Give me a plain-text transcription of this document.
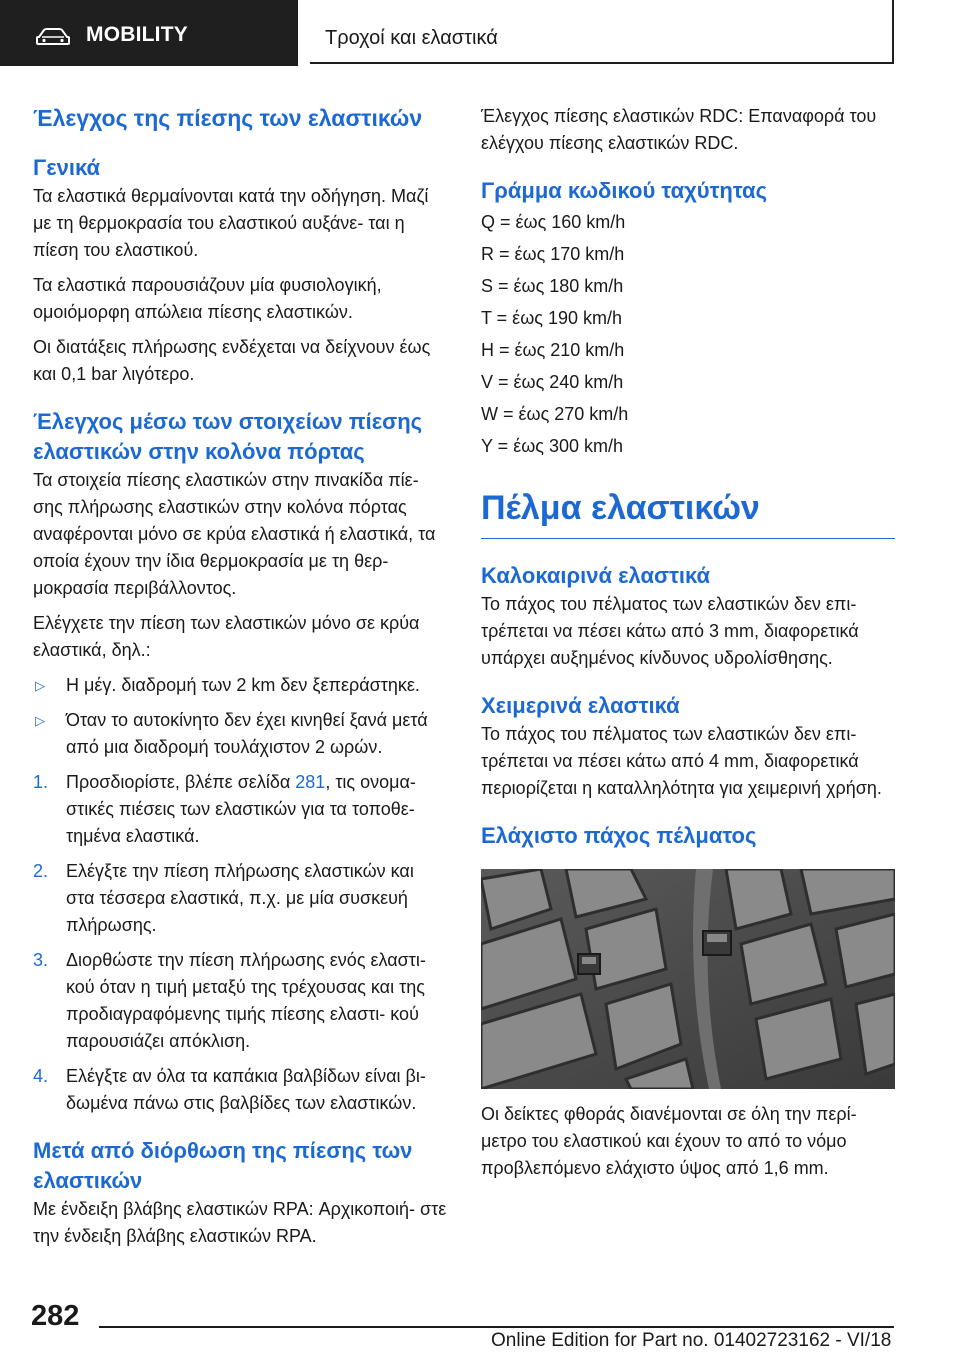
MOBILITY	Τροχοί και ελαστικά
Έλεγχος της πίεσης των ελαστικών
Γενικά

Τα ελαστικά θερμαίνονται κατά την οδήγηση. Μαζί με τη θερμοκρασία του ελαστικού αυξάνε‐ ται η πίεση του ελαστικού.

Τα ελαστικά παρουσιάζουν μία φυσιολογική, ομοιόμορφη απώλεια πίεσης ελαστικών.

Οι διατάξεις πλήρωσης ενδέχεται να δείχνουν έως και 0,1 bar λιγότερο.

Έλεγχος μέσω των στοιχείων πίεσης ελαστικών στην κολόνα πόρτας

Τα στοιχεία πίεσης ελαστικών στην πινακίδα πίε‐ σης πλήρωσης ελαστικών στην κολόνα πόρτας αναφέρονται μόνο σε κρύα ελαστικά ή ελαστικά, τα οποία έχουν την ίδια θερμοκρασία με τη θερ‐ μοκρασία περιβάλλοντος.

Ελέγχετε την πίεση των ελαστικών μόνο σε κρύα ελαστικά, δηλ.:

▷ Η μέγ. διαδρομή των 2 km δεν ξεπεράστηκε.
▷ Όταν το αυτοκίνητο δεν έχει κινηθεί ξανά μετά από μια διαδρομή τουλάχιστον 2 ωρών.
1. Προσδιορίστε, βλέπε σελίδα 281, τις ονομα‐ στικές πιέσεις των ελαστικών για τα τοποθε‐ τημένα ελαστικά.
2. Ελέγξτε την πίεση πλήρωσης ελαστικών και στα τέσσερα ελαστικά, π.χ. με μία συσκευή πλήρωσης.
3. Διορθώστε την πίεση πλήρωσης ενός ελαστι‐ κού όταν η τιμή μεταξύ της τρέχουσας και της προδιαγραφόμενης τιμής πίεσης ελαστι‐ κού παρουσιάζει απόκλιση.
4. Ελέγξτε αν όλα τα καπάκια βαλβίδων είναι βι‐ δωμένα πάνω στις βαλβίδες των ελαστικών.
Μετά από διόρθωση της πίεσης των ελαστικών

Με ένδειξη βλάβης ελαστικών RPA: Αρχικοποιή‐ στε την ένδειξη βλάβης ελαστικών RPA.

Έλεγχος πίεσης ελαστικών RDC: Επαναφορά του ελέγχου πίεσης ελαστικών RDC.

Γράμμα κωδικού ταχύτητας

Q = έως 160 km/h

R = έως 170 km/h

S = έως 180 km/h

T = έως 190 km/h

H = έως 210 km/h

V = έως 240 km/h

W = έως 270 km/h

Y = έως 300 km/h

Πέλμα ελαστικών
Καλοκαιρινά ελαστικά

Το πάχος του πέλματος των ελαστικών δεν επι‐ τρέπεται να πέσει κάτω από 3 mm, διαφορετικά υπάρχει αυξημένος κίνδυνος υδρολίσθησης.

Χειμερινά ελαστικά

Το πάχος του πέλματος των ελαστικών δεν επι‐ τρέπεται να πέσει κάτω από 4 mm, διαφορετικά περιορίζεται η καταλληλότητα για χειμερινή χρήση.

Ελάχιστο πάχος πέλματος

Οι δείκτες φθοράς διανέμονται σε όλη την περί‐ μετρο του ελαστικού και έχουν το από το νόμο προβλεπόμενο ελάχιστο ύψος από 1,6 mm.

282
Online Edition for Part no. 01402723162 - VI/18
